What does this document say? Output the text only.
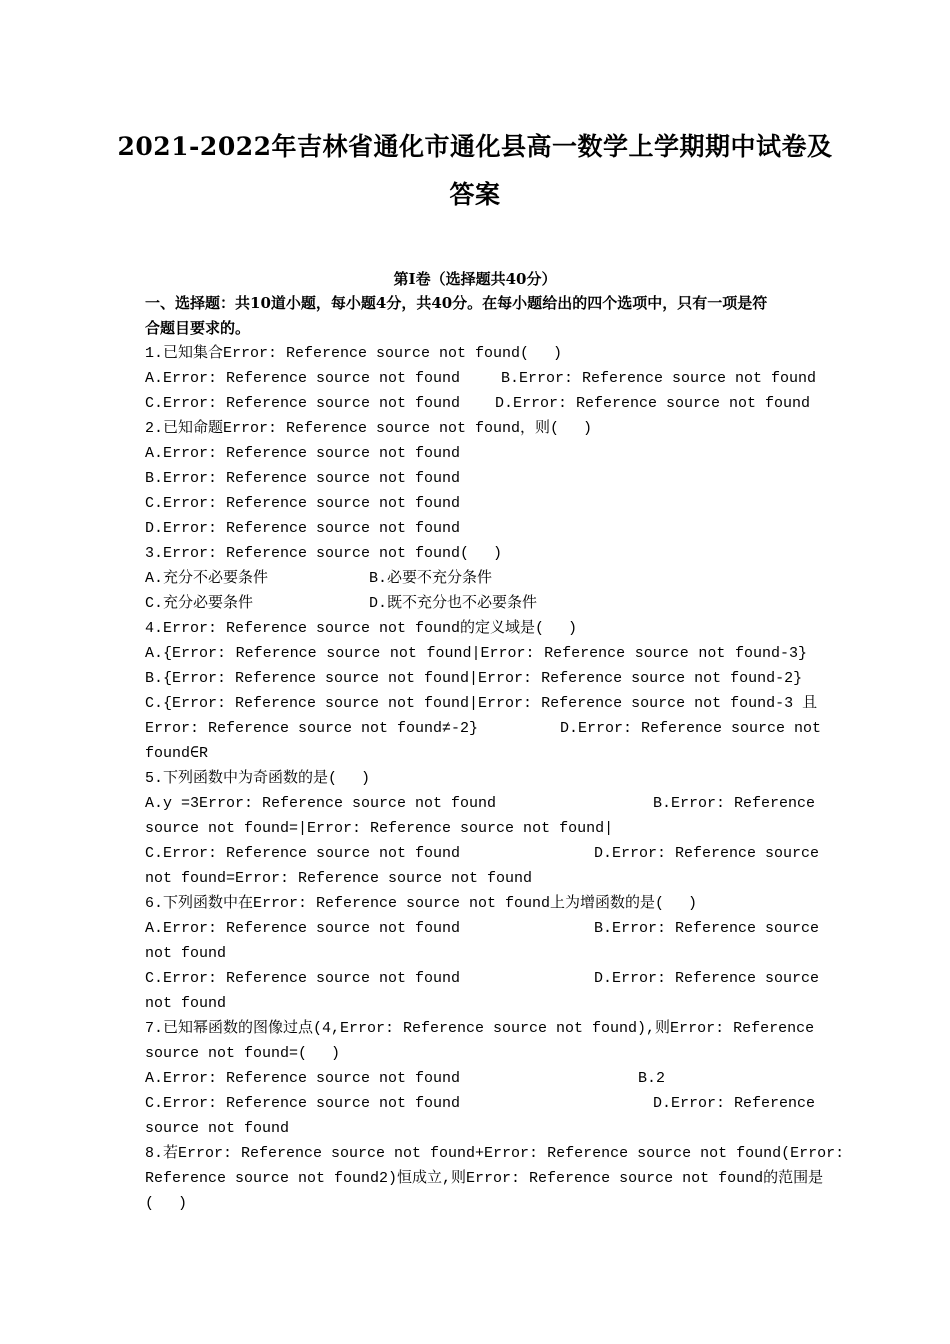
2021-2022年吉林省通化市通化县高一数学上学期期中试卷及
答案
第I卷（选择题共40分）
一、选择题：共10道小题，每小题4分，共40分。在每小题给出的四个选项中，只有一项是符
合题目要求的。
1.已知集合Error: Reference source not found(　 )
A.Error: Reference source not found	B.Error: Reference source not found
C.Error: Reference source not found D.Error: Reference source not found
2.已知命题Error: Reference source not found，则(　 )
A.Error: Reference source not found
B.Error: Reference source not found
C.Error: Reference source not found
D.Error: Reference source not found
3.Error: Reference source not found(　 )
A.充分不必要条件	B.必要不充分条件
C.充分必要条件	D.既不充分也不必要条件
4.Error: Reference source not found的定义域是(　 )
A.{Error: Reference source not found|Error: Reference source not found-3}
B.{Error: Reference source not found|Error: Reference source not found-2}
C.{Error: Reference source not found|Error: Reference source not found-3 且
Error: Reference source not found≠-2}	D.Error: Reference source not
found∈R
5.下列函数中为奇函数的是(　 )
A.y =3Error: Reference source not found	B.Error: Reference
source not found=|Error: Reference source not found|
C.Error: Reference source not found	D.Error: Reference source
not found=Error: Reference source not found
6.下列函数中在Error: Reference source not found上为增函数的是(　 )
A.Error: Reference source not found	B.Error: Reference source
not found
C.Error: Reference source not found	D.Error: Reference source
not found
7.已知幂函数的图像过点(4,Error: Reference source not found),则Error: Reference
source not found=(　 )
A.Error: Reference source not found	B.2
C.Error: Reference source not found	D.Error: Reference
source not found
8.若Error: Reference source not found+Error: Reference source not found(Error:
Reference source not found2)恒成立,则Error: Reference source not found的范围是
(　 )
